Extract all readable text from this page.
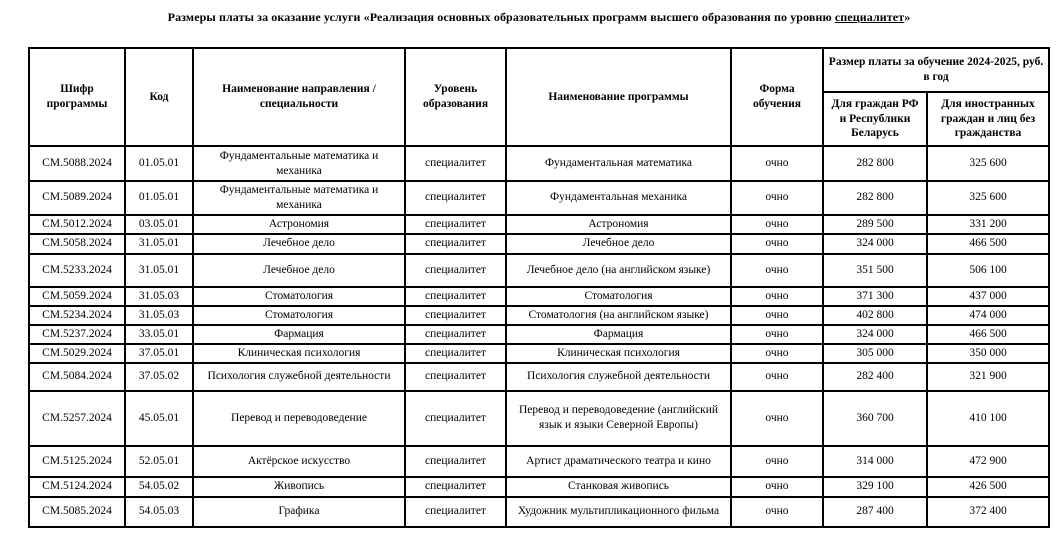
Размеры платы за оказание услуги «Реализация основных образовательных программ высшего образования по уровню специалитет»
Шифр программы	Код	Наименование направления / специальности	Уровень образования	Наименование программы	Форма обучения	Размер платы за обучение 2024-2025, руб. в год	
						Для граждан РФ и Республики Беларусь	Для иностранных граждан и лиц без гражданства
СМ.5088.2024	01.05.01	Фундаментальные математика и механика	специалитет	Фундаментальная математика	очно	282 800	325 600
СМ.5089.2024	01.05.01	Фундаментальные математика и механика	специалитет	Фундаментальная механика	очно	282 800	325 600
СМ.5012.2024	03.05.01	Астрономия	специалитет	Астрономия	очно	289 500	331 200
СМ.5058.2024	31.05.01	Лечебное дело	специалитет	Лечебное дело	очно	324 000	466 500
СМ.5233.2024	31.05.01	Лечебное дело	специалитет	Лечебное дело (на английском языке)	очно	351 500	506 100
СМ.5059.2024	31.05.03	Стоматология	специалитет	Стоматология	очно	371 300	437 000
СМ.5234.2024	31.05.03	Стоматология	специалитет	Стоматология (на английском языке)	очно	402 800	474 000
СМ.5237.2024	33.05.01	Фармация	специалитет	Фармация	очно	324 000	466 500
СМ.5029.2024	37.05.01	Клиническая психология	специалитет	Клиническая психология	очно	305 000	350 000
СМ.5084.2024	37.05.02	Психология служебной деятельности	специалитет	Психология служебной деятельности	очно	282 400	321 900
СМ.5257.2024	45.05.01	Перевод и переводоведение	специалитет	Перевод и переводоведение (английский язык и языки Северной Европы)	очно	360 700	410 100
СМ.5125.2024	52.05.01	Актёрское искусство	специалитет	Артист драматического театра и кино	очно	314 000	472 900
СМ.5124.2024	54.05.02	Живопись	специалитет	Станковая живопись	очно	329 100	426 500
СМ.5085.2024	54.05.03	Графика	специалитет	Художник мультипликационного фильма	очно	287 400	372 400
